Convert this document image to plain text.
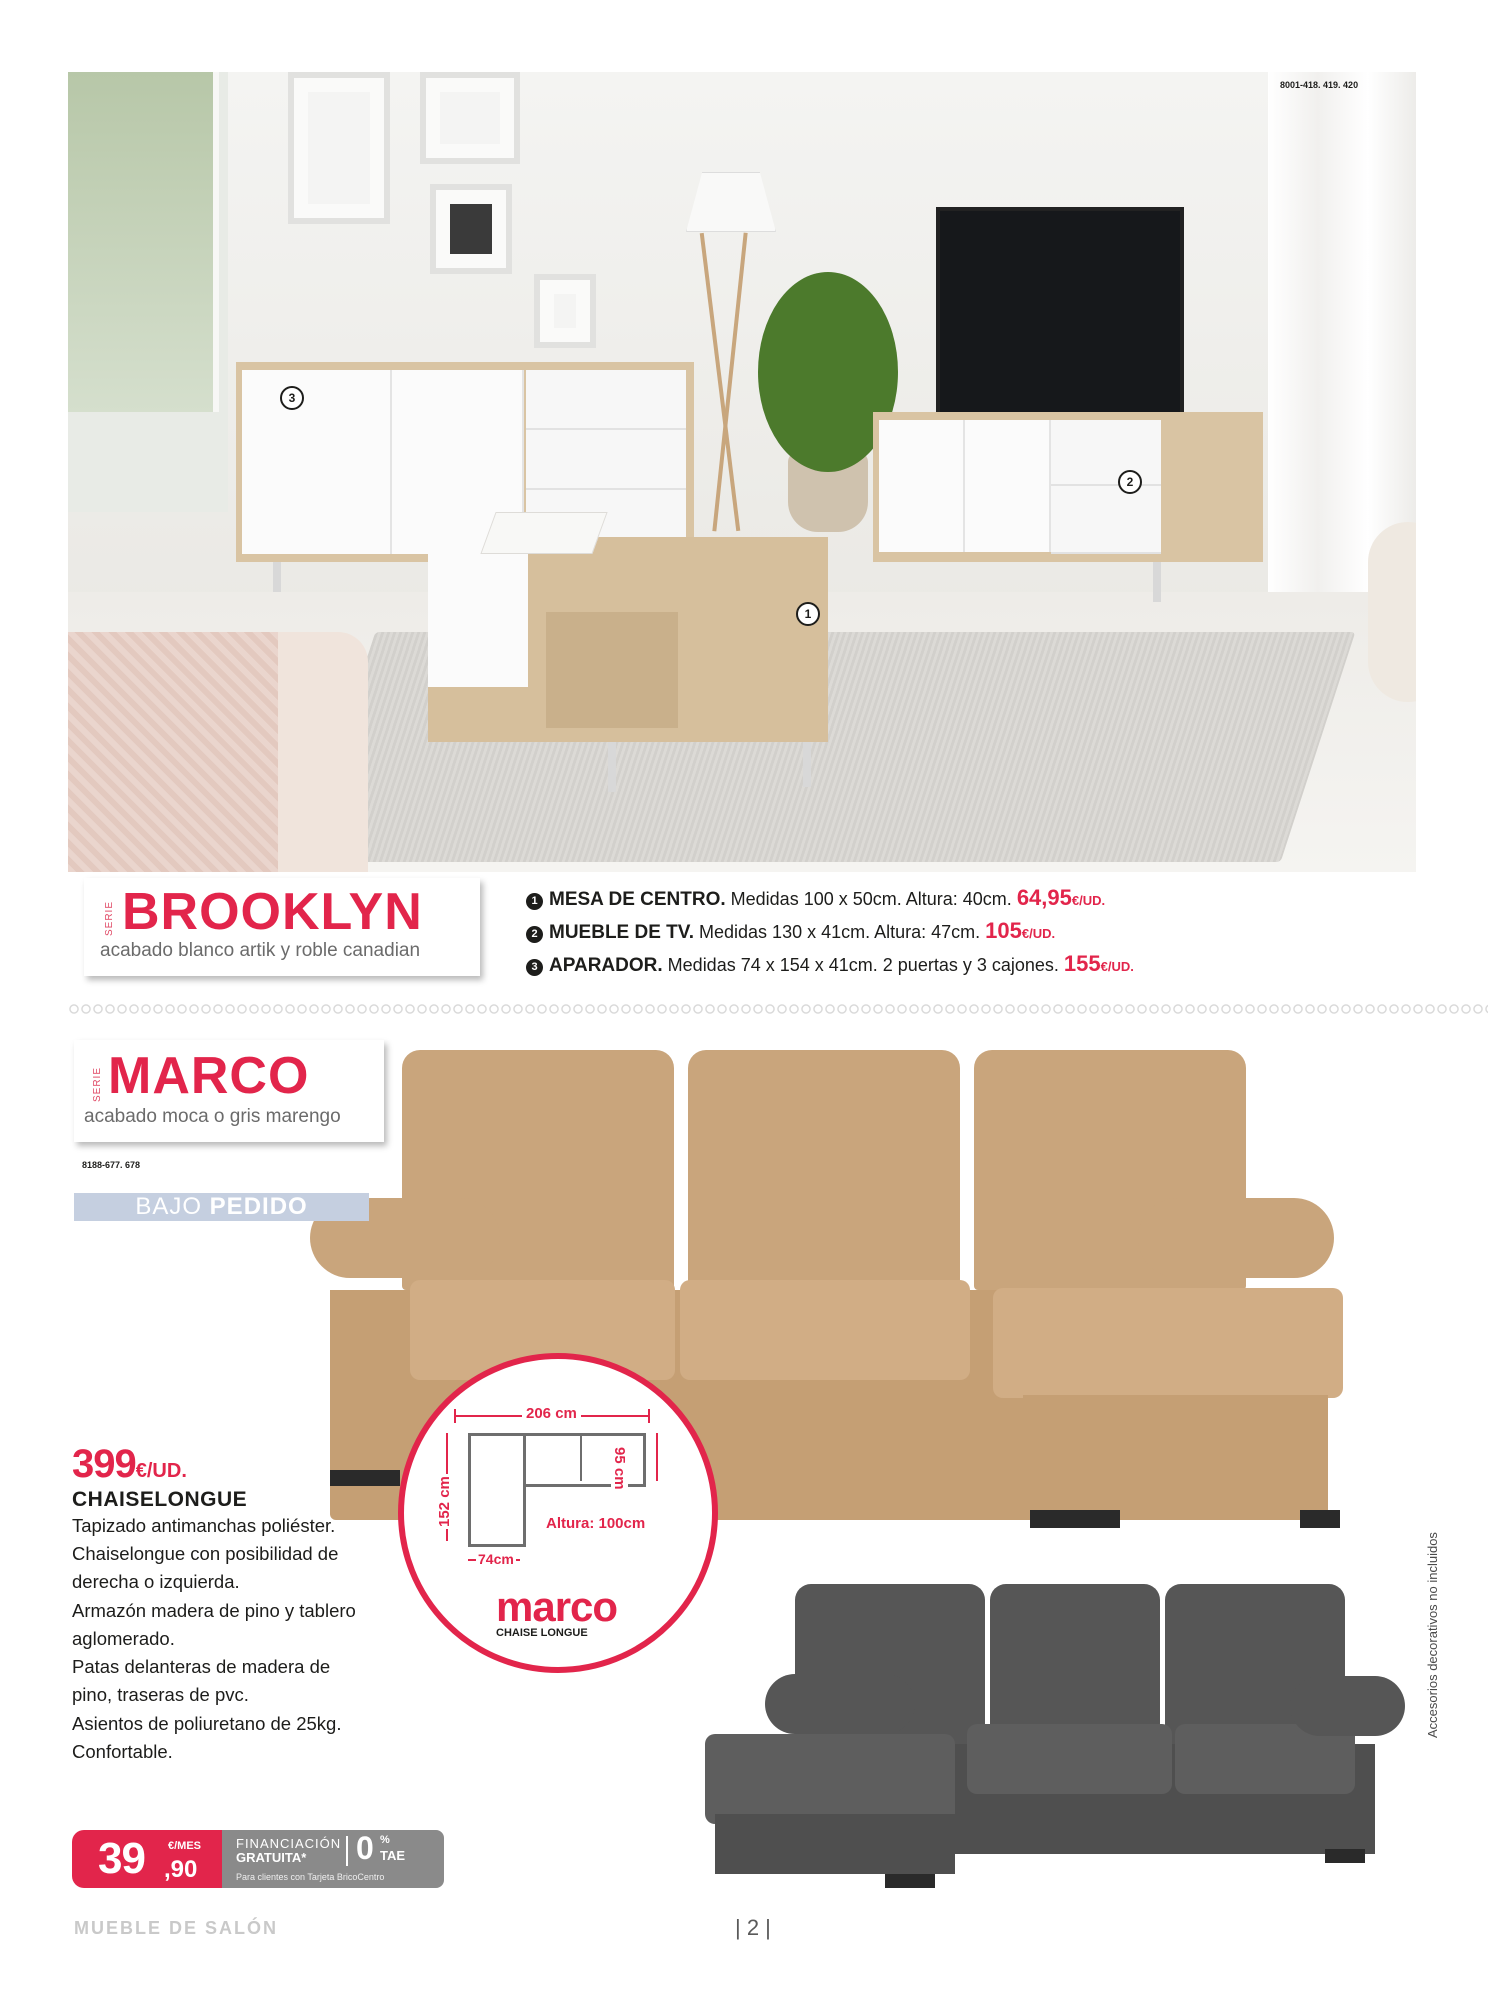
3
2
1
8001-418. 419. 420
SERIE BROOKLYN
acabado blanco artik y roble canadian
1 MESA DE CENTRO. Medidas 100 x 50cm. Altura: 40cm. 64,95€/UD.
2 MUEBLE DE TV. Medidas 130 x 41cm. Altura: 47cm. 105€/UD.
3 APARADOR. Medidas 74 x 154 x 41cm. 2 puertas y 3 cajones. 155€/UD.
SERIE MARCO
acabado moca o gris marengo
8188-677. 678
BAJO PEDIDO
206 cm
95 cm
152 cm
74cm
Altura: 100cm
marco
CHAISE LONGUE
399€/UD.
CHAISELONGUE
Tapizado antimanchas poliéster.
Chaiselongue con posibilidad de
derecha o izquierda.
Armazón madera de pino y tablero
aglomerado.
Patas delanteras de madera de
pino, traseras de pvc.
Asientos de poliuretano de 25kg.
Confortable.
39 €/MES
,90
FINANCIACIÓN
GRATUITA* 0 %
TAE
Para clientes con Tarjeta BricoCentro
MUEBLE DE SALÓN	| 2 |
Accesorios decorativos no incluidos
